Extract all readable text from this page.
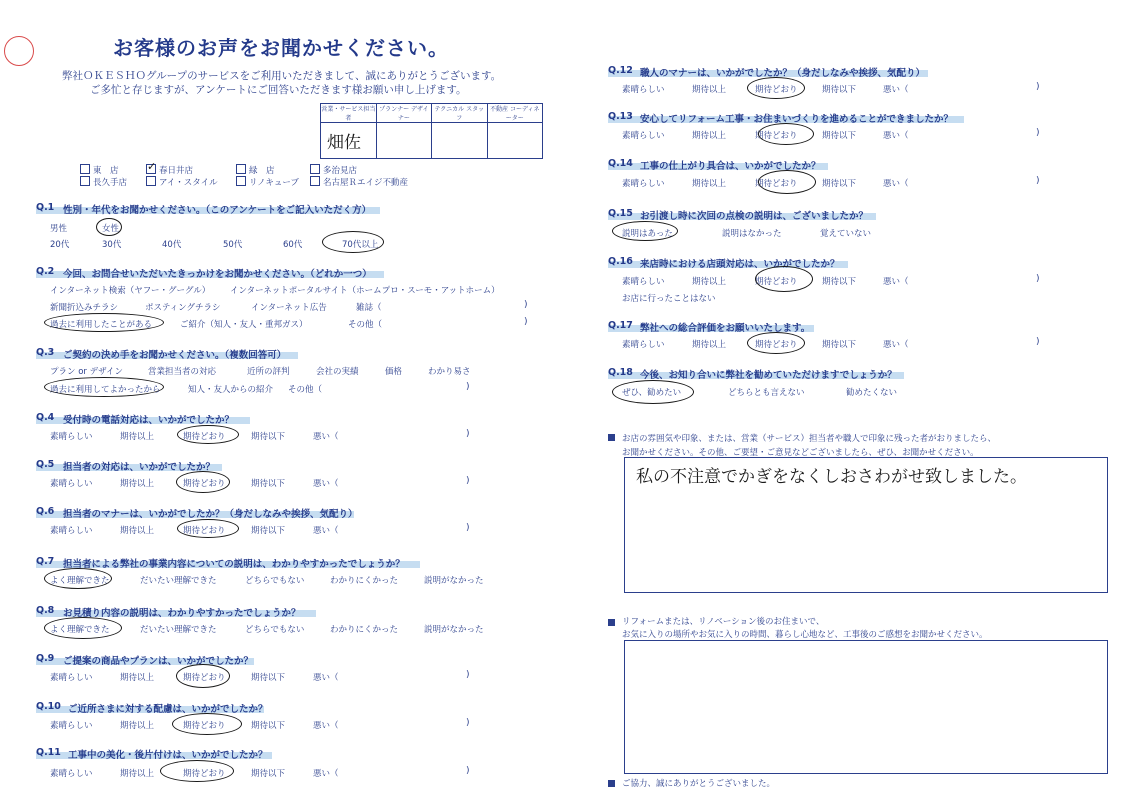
お客様のお声をお聞かせください。
弊社ＯＫＥＳＨＯグループのサービスをご利用いただきまして、誠にありがとうございます。
ご多忙と存じますが、アンケートにご回答いただきます様お願い申し上げます。
営業・サービス担当者	プランナー デザイナー	テクニカル スタッフ	不動産 コーディネーター
畑佐			
東　店	✓ 春日井店	緑　店	多治見店
長久手店	アイ・スタイル	リノキューブ	名古屋Ｒエイジ不動産
Q.1 性別・年代をお聞かせください。（このアンケートをご記入いただく方）
男性	女性
20代	30代	40代	50代	60代	70代以上
Q.2 今回、お問合せいただいたきっかけをお聞かせください。（どれか一つ）
インターネット検索（ヤフー・グーグル） インターネットポータルサイト（ホームプロ・スーモ・アットホーム）
新聞折込みチラシ	ポスティングチラシ	インターネット広告	雑誌（	)
過去に利用したことがある	ご紹介（知人・友人・重邦ガス）	その他（	)
Q.3 ご契約の決め手をお聞かせください。（複数回答可）
プラン or デザイン	営業担当者の対応	近所の評判	会社の実績	価格	わかり易さ
過去に利用してよかったから	知人・友人からの紹介 その他（	)
Q.4 受付時の電話対応は、いかがでしたか？
素晴らしい	期待以上	期待どおり	期待以下	悪い（	)
Q.5 担当者の対応は、いかがでしたか？
素晴らしい	期待以上	期待どおり	期待以下	悪い（	)
Q.6 担当者のマナーは、いかがでしたか？（身だしなみや挨拶、気配り）
素晴らしい	期待以上	期待どおり	期待以下	悪い（	)
Q.7 担当者による弊社の事業内容についての説明は、わかりやすかったでしょうか？
よく理解できた	だいたい理解できた	どちらでもない	わかりにくかった	説明がなかった
Q.8 お見積り内容の説明は、わかりやすかったでしょうか？
よく理解できた	だいたい理解できた	どちらでもない	わかりにくかった	説明がなかった
Q.9 ご提案の商品やプランは、いかがでしたか？
素晴らしい	期待以上	期待どおり	期待以下	悪い（	)
Q.10 ご近所さまに対する配慮は、いかがでしたか？
素晴らしい	期待以上	期待どおり	期待以下	悪い（	)
Q.11 工事中の美化・後片付けは、いかがでしたか？
素晴らしい	期待以上	期待どおり	期待以下	悪い（	)
Q.12 職人のマナーは、いかがでしたか？（身だしなみや挨拶、気配り）
素晴らしい	期待以上	期待どおり	期待以下	悪い（	)
Q.13 安心してリフォーム工事・お住まいづくりを進めることができましたか？
素晴らしい	期待以上	期待どおり	期待以下	悪い（	)
Q.14 工事の仕上がり具合は、いかがでしたか？
素晴らしい	期待以上	期待どおり	期待以下	悪い（	)
Q.15 お引渡し時に次回の点検の説明は、ございましたか？
説明はあった	説明はなかった	覚えていない
Q.16 来店時における店頭対応は、いかがでしたか？
素晴らしい	期待以上	期待どおり	期待以下	悪い（	)
お店に行ったことはない
Q.17 弊社への総合評価をお願いいたします。
素晴らしい	期待以上	期待どおり	期待以下	悪い（	)
Q.18 今後、お知り合いに弊社を勧めていただけますでしょうか？
ぜひ、勧めたい	どちらとも言えない	勧めたくない
お店の雰囲気や印象、または、営業（サービス）担当者や職人で印象に残った者がおりましたら、
お聞かせください。その他、ご要望・ご意見などございましたら、ぜひ、お聞かせください。
私の不注意でかぎをなくしおさわがせ致しました。
リフォームまたは、リノベーション後のお住まいで、
お気に入りの場所やお気に入りの時間、暮らし心地など、工事後のご感想をお聞かせください。
ご協力、誠にありがとうございました。
